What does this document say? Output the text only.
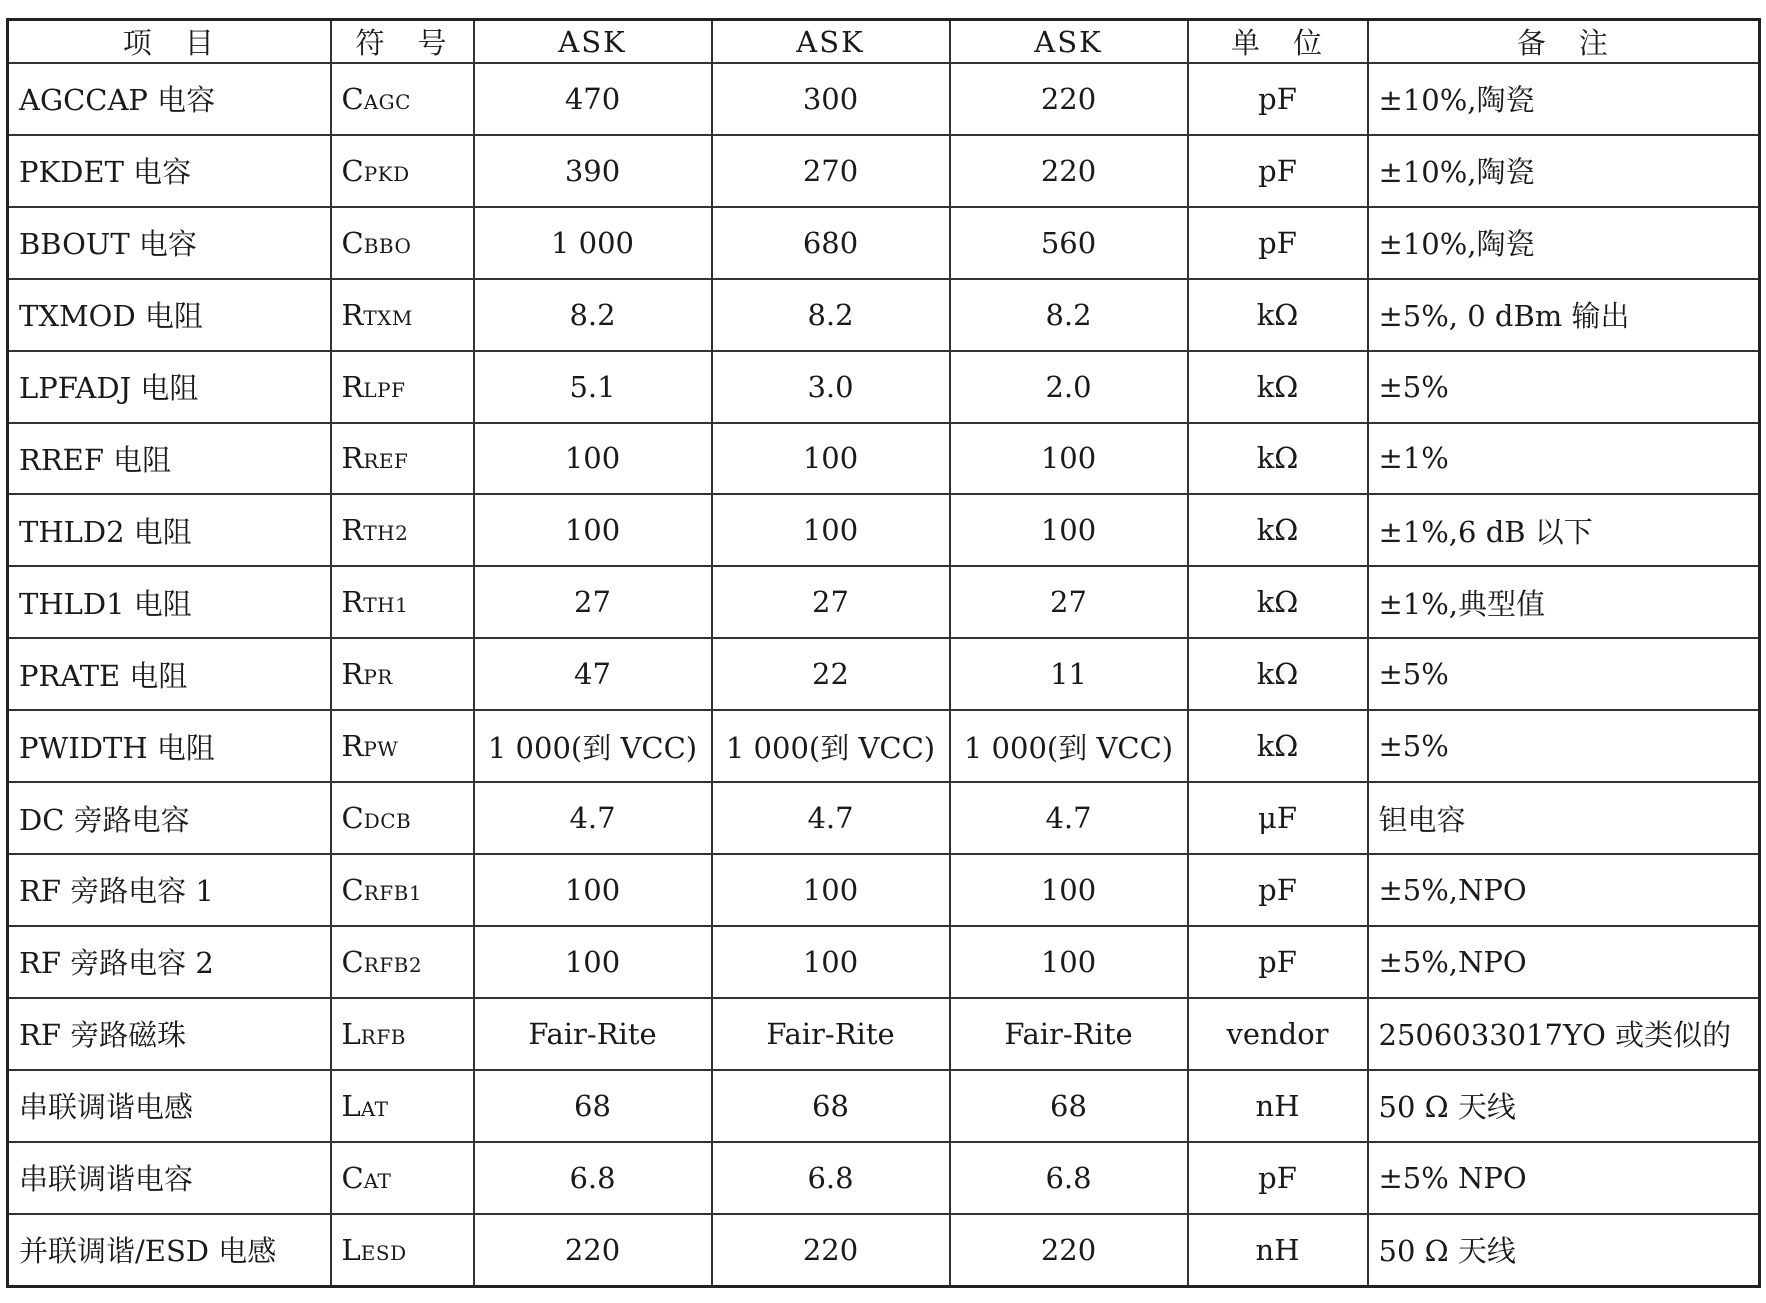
项　目	符　号	ASK	ASK	ASK	单　位	备　注
AGCCAP 电容	CAGC	470	300	220	pF	±10%,陶瓷
PKDET 电容	CPKD	390	270	220	pF	±10%,陶瓷
BBOUT 电容	CBBO	1 000	680	560	pF	±10%,陶瓷
TXMOD 电阻	RTXM	8.2	8.2	8.2	kΩ	±5%, 0 dBm 输出
LPFADJ 电阻	RLPF	5.1	3.0	2.0	kΩ	±5%
RREF 电阻	RREF	100	100	100	kΩ	±1%
THLD2 电阻	RTH2	100	100	100	kΩ	±1%,6 dB 以下
THLD1 电阻	RTH1	27	27	27	kΩ	±1%,典型值
PRATE 电阻	RPR	47	22	11	kΩ	±5%
PWIDTH 电阻	RPW	1 000(到 VCC)	1 000(到 VCC)	1 000(到 VCC)	kΩ	±5%
DC 旁路电容	CDCB	4.7	4.7	4.7	μF	钽电容
RF 旁路电容 1	CRFB1	100	100	100	pF	±5%,NPO
RF 旁路电容 2	CRFB2	100	100	100	pF	±5%,NPO
RF 旁路磁珠	LRFB	Fair-Rite	Fair-Rite	Fair-Rite	vendor	2506033017YO 或类似的
串联调谐电感	LAT	68	68	68	nH	50 Ω 天线
串联调谐电容	CAT	6.8	6.8	6.8	pF	±5% NPO
并联调谐/ESD 电感	LESD	220	220	220	nH	50 Ω 天线
